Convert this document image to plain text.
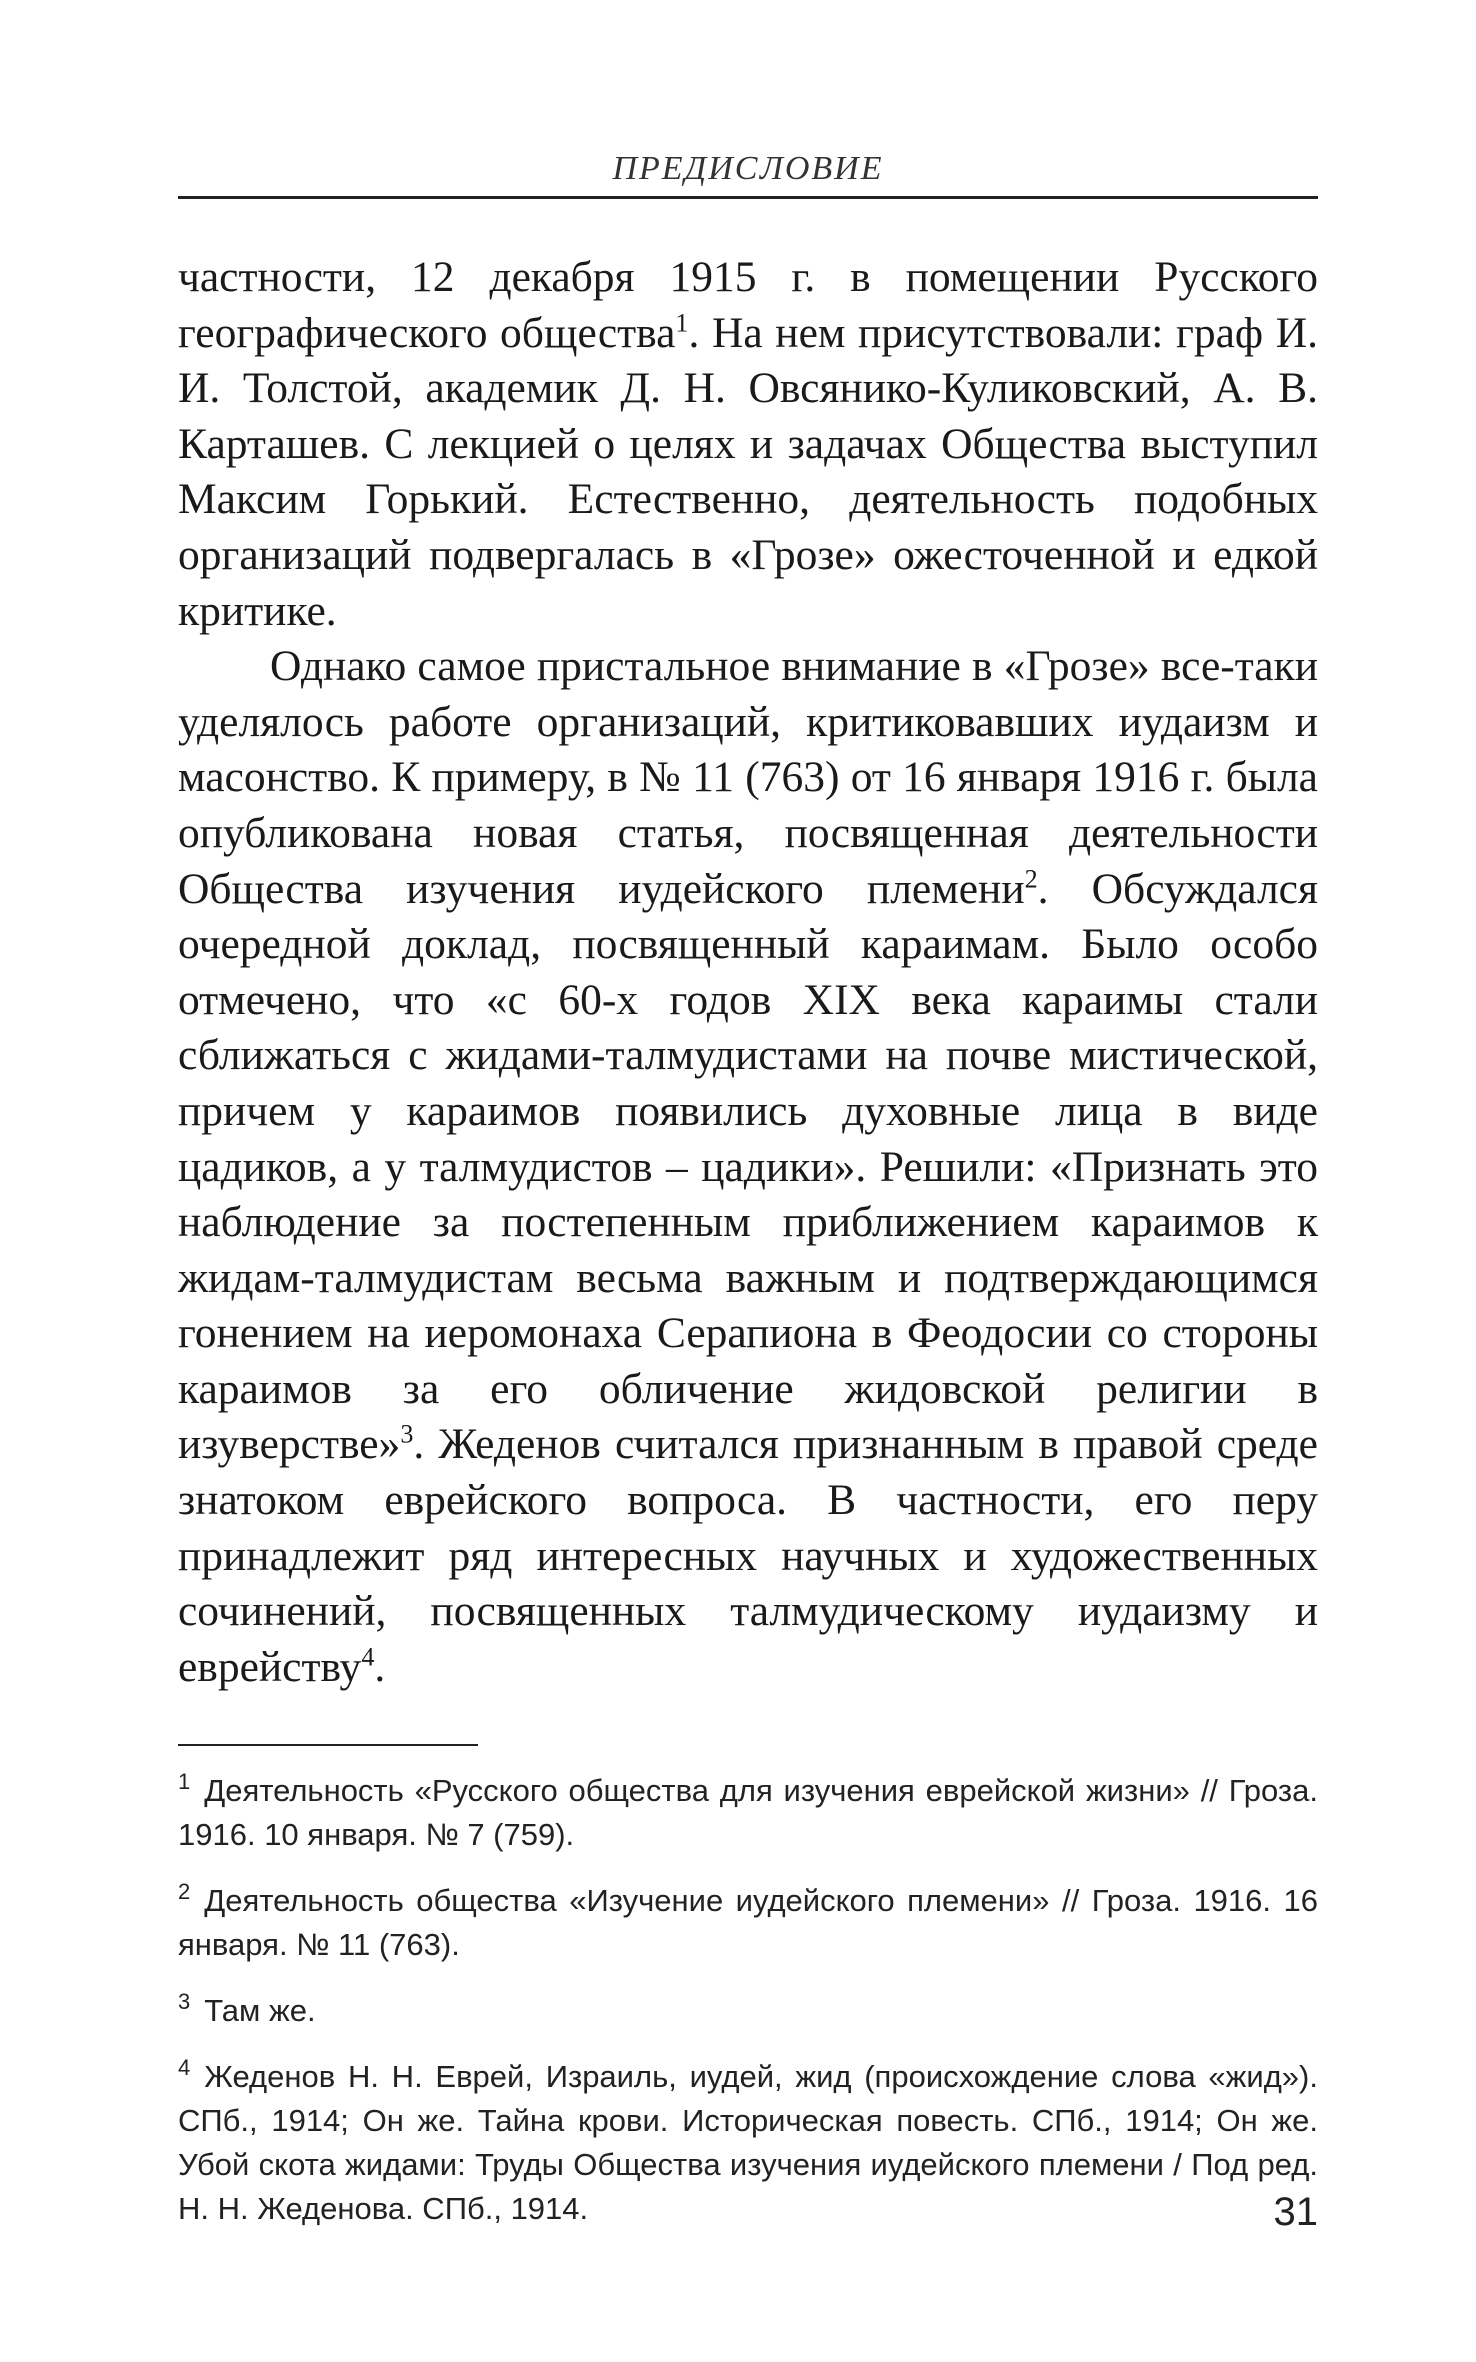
ПРЕДИСЛОВИЕ

частности, 12 декабря 1915 г. в помещении Русского географического общества$^1$. На нем присутствовали: граф И. И. Толстой, академик Д. Н. Овсянико-Куликовский, А. В. Карташев. С лекцией о целях и задачах Общества выступил Максим Горький. Естественно, деятельность подобных организаций подвергалась в «Грозе» ожесточенной и едкой критике.

Однако самое пристальное внимание в «Грозе» все-таки уделялось работе организаций, критиковавших иудаизм и масонство. К примеру, в № 11 (763) от 16 января 1916 г. была опубликована новая статья, посвященная деятельности Общества изучения иудейского племени$^2$. Обсуждался очередной доклад, посвященный караимам. Было особо отмечено, что «с 60-х годов XIX века караимы стали сближаться с жидами-талмудистами на почве мистической, причем у караимов появились духовные лица в виде цадиков, а у талмудистов – цадики». Решили: «Признать это наблюдение за постепенным приближением караимов к жидам-талмудистам весьма важным и подтверждающимся гонением на иеромонаха Серапиона в Феодосии со стороны караимов за его обличение жидовской религии в изуверстве»$^3$. Жеденов считался признанным в правой среде знатоком еврейского вопроса. В частности, его перу принадлежит ряд интересных научных и художественных сочинений, посвященных талмудическому иудаизму и еврейству$^4$.

$^1$ Деятельность «Русского общества для изучения еврейской жизни» // Гроза. 1916. 10 января. № 7 (759).

$^2$ Деятельность общества «Изучение иудейского племени» // Гроза. 1916. 16 января. № 11 (763).

$^3$ Там же.

$^4$ Жеденов Н. Н. Еврей, Израиль, иудей, жид (происхождение слова «жид»). СПб., 1914; Он же. Тайна крови. Историческая повесть. СПб., 1914; Он же. Убой скота жидами: Труды Общества изучения иудейского племени / Под ред. Н. Н. Жеденова. СПб., 1914.	31
